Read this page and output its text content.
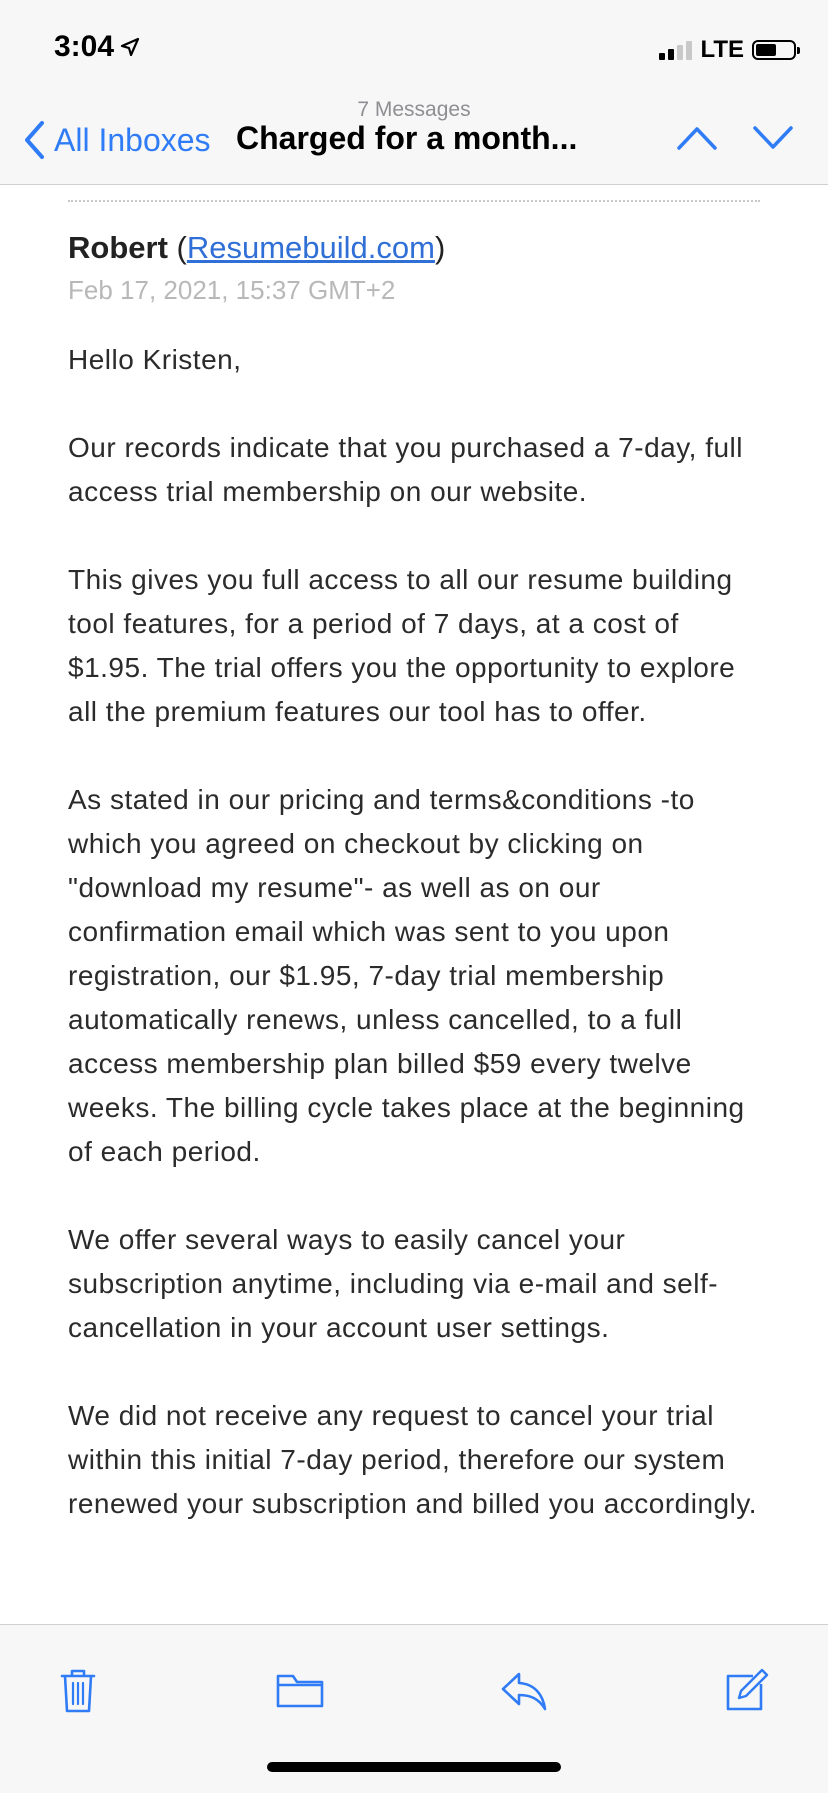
3:04	LTE
7 Messages
All Inboxes Charged for a month...
Robert (Resumebuild.com)
Feb 17, 2021, 15:37 GMT+2

Hello Kristen,

Our records indicate that you purchased a 7-day, full access trial membership on our website.

This gives you full access to all our resume building tool features, for a period of 7 days, at a cost of $1.95. The trial offers you the opportunity to explore all the premium features our tool has to offer.

As stated in our pricing and terms&conditions -to which you agreed on checkout by clicking on "download my resume"- as well as on our confirmation email which was sent to you upon registration, our $1.95, 7-day trial membership automatically renews, unless cancelled, to a full access membership plan billed $59 every twelve weeks. The billing cycle takes place at the beginning of each period.

We offer several ways to easily cancel your subscription anytime, including via e-mail and self-cancellation in your account user settings.

We did not receive any request to cancel your trial within this initial 7-day period, therefore our system renewed your subscription and billed you accordingly.
